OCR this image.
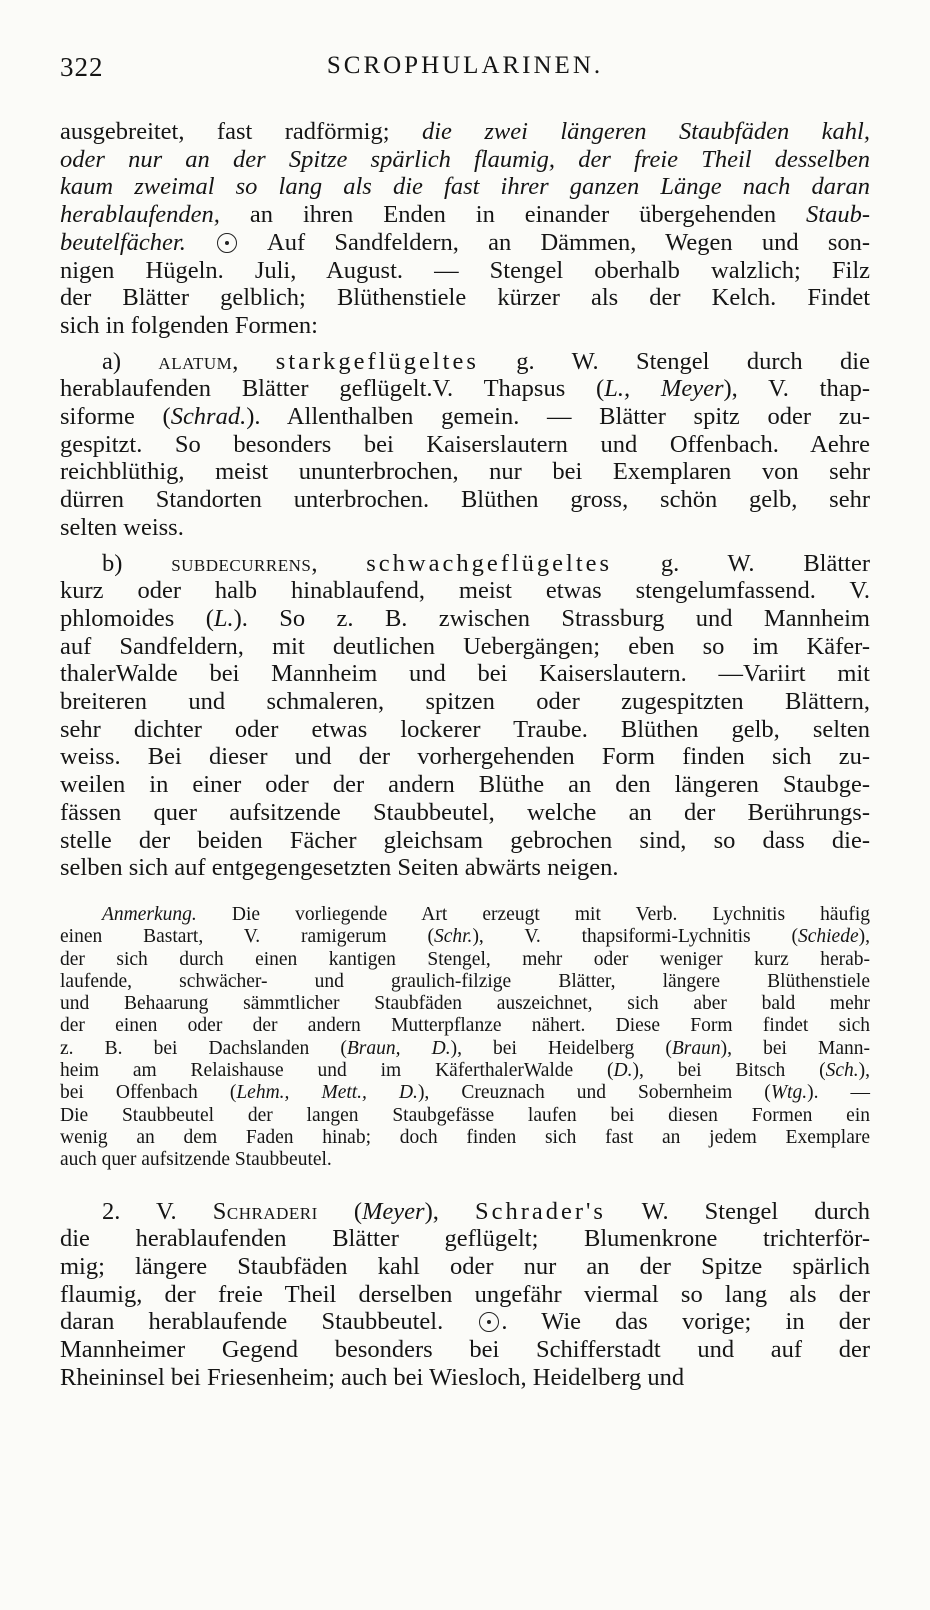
322	SCROPHULARINEN.
ausgebreitet, fast radförmig; die zwei längeren Staubfäden kahl,
oder nur an der Spitze spärlich flaumig, der freie Theil desselben
kaum zweimal so lang als die fast ihrer ganzen Länge nach daran
herablaufenden, an ihren Enden in einander übergehenden Staub-
beutelfächer.  Auf Sandfeldern, an Dämmen, Wegen und son-
nigen Hügeln. Juli, August. — Stengel oberhalb walzlich; Filz
der Blätter gelblich; Blüthenstiele kürzer als der Kelch. Findet
sich in folgenden Formen:
a) alatum, starkgeflügeltes g. W. Stengel durch die
herablaufenden Blätter geflügelt.V. Thapsus (L., Meyer), V. thap-
siforme (Schrad.). Allenthalben gemein. — Blätter spitz oder zu-
gespitzt. So besonders bei Kaiserslautern und Offenbach. Aehre
reichblüthig, meist ununterbrochen, nur bei Exemplaren von sehr
dürren Standorten unterbrochen. Blüthen gross, schön gelb, sehr
selten weiss.
b) subdecurrens, schwachgeflügeltes g. W. Blätter
kurz oder halb hinablaufend, meist etwas stengelumfassend. V.
phlomoides (L.). So z. B. zwischen Strassburg und Mannheim
auf Sandfeldern, mit deutlichen Uebergängen; eben so im Käfer-
thalerWalde bei Mannheim und bei Kaiserslautern. —Variirt mit
breiteren und schmaleren, spitzen oder zugespitzten Blättern,
sehr dichter oder etwas lockerer Traube. Blüthen gelb, selten
weiss. Bei dieser und der vorhergehenden Form finden sich zu-
weilen in einer oder der andern Blüthe an den längeren Staubge-
fässen quer aufsitzende Staubbeutel, welche an der Berührungs-
stelle der beiden Fächer gleichsam gebrochen sind, so dass die-
selben sich auf entgegengesetzten Seiten abwärts neigen.
Anmerkung. Die vorliegende Art erzeugt mit Verb. Lychnitis häufig
einen Bastart, V. ramigerum (Schr.), V. thapsiformi-Lychnitis (Schiede),
der sich durch einen kantigen Stengel, mehr oder weniger kurz herab-
laufende, schwächer- und graulich-filzige Blätter, längere Blüthenstiele
und Behaarung sämmtlicher Staubfäden auszeichnet, sich aber bald mehr
der einen oder der andern Mutterpflanze nähert. Diese Form findet sich
z. B. bei Dachslanden (Braun, D.), bei Heidelberg (Braun), bei Mann-
heim am Relaishause und im KäferthalerWalde (D.), bei Bitsch (Sch.),
bei Offenbach (Lehm., Mett., D.), Creuznach und Sobernheim (Wtg.). —
Die Staubbeutel der langen Staubgefässe laufen bei diesen Formen ein
wenig an dem Faden hinab; doch finden sich fast an jedem Exemplare
auch quer aufsitzende Staubbeutel.
2. V. Schraderi (Meyer), Schrader's W. Stengel durch
die herablaufenden Blätter geflügelt; Blumenkrone trichterför-
mig; längere Staubfäden kahl oder nur an der Spitze spärlich
flaumig, der freie Theil derselben ungefähr viermal so lang als der
daran herablaufende Staubbeutel. . Wie das vorige; in der
Mannheimer Gegend besonders bei Schifferstadt und auf der
Rheininsel bei Friesenheim; auch bei Wiesloch, Heidelberg und
